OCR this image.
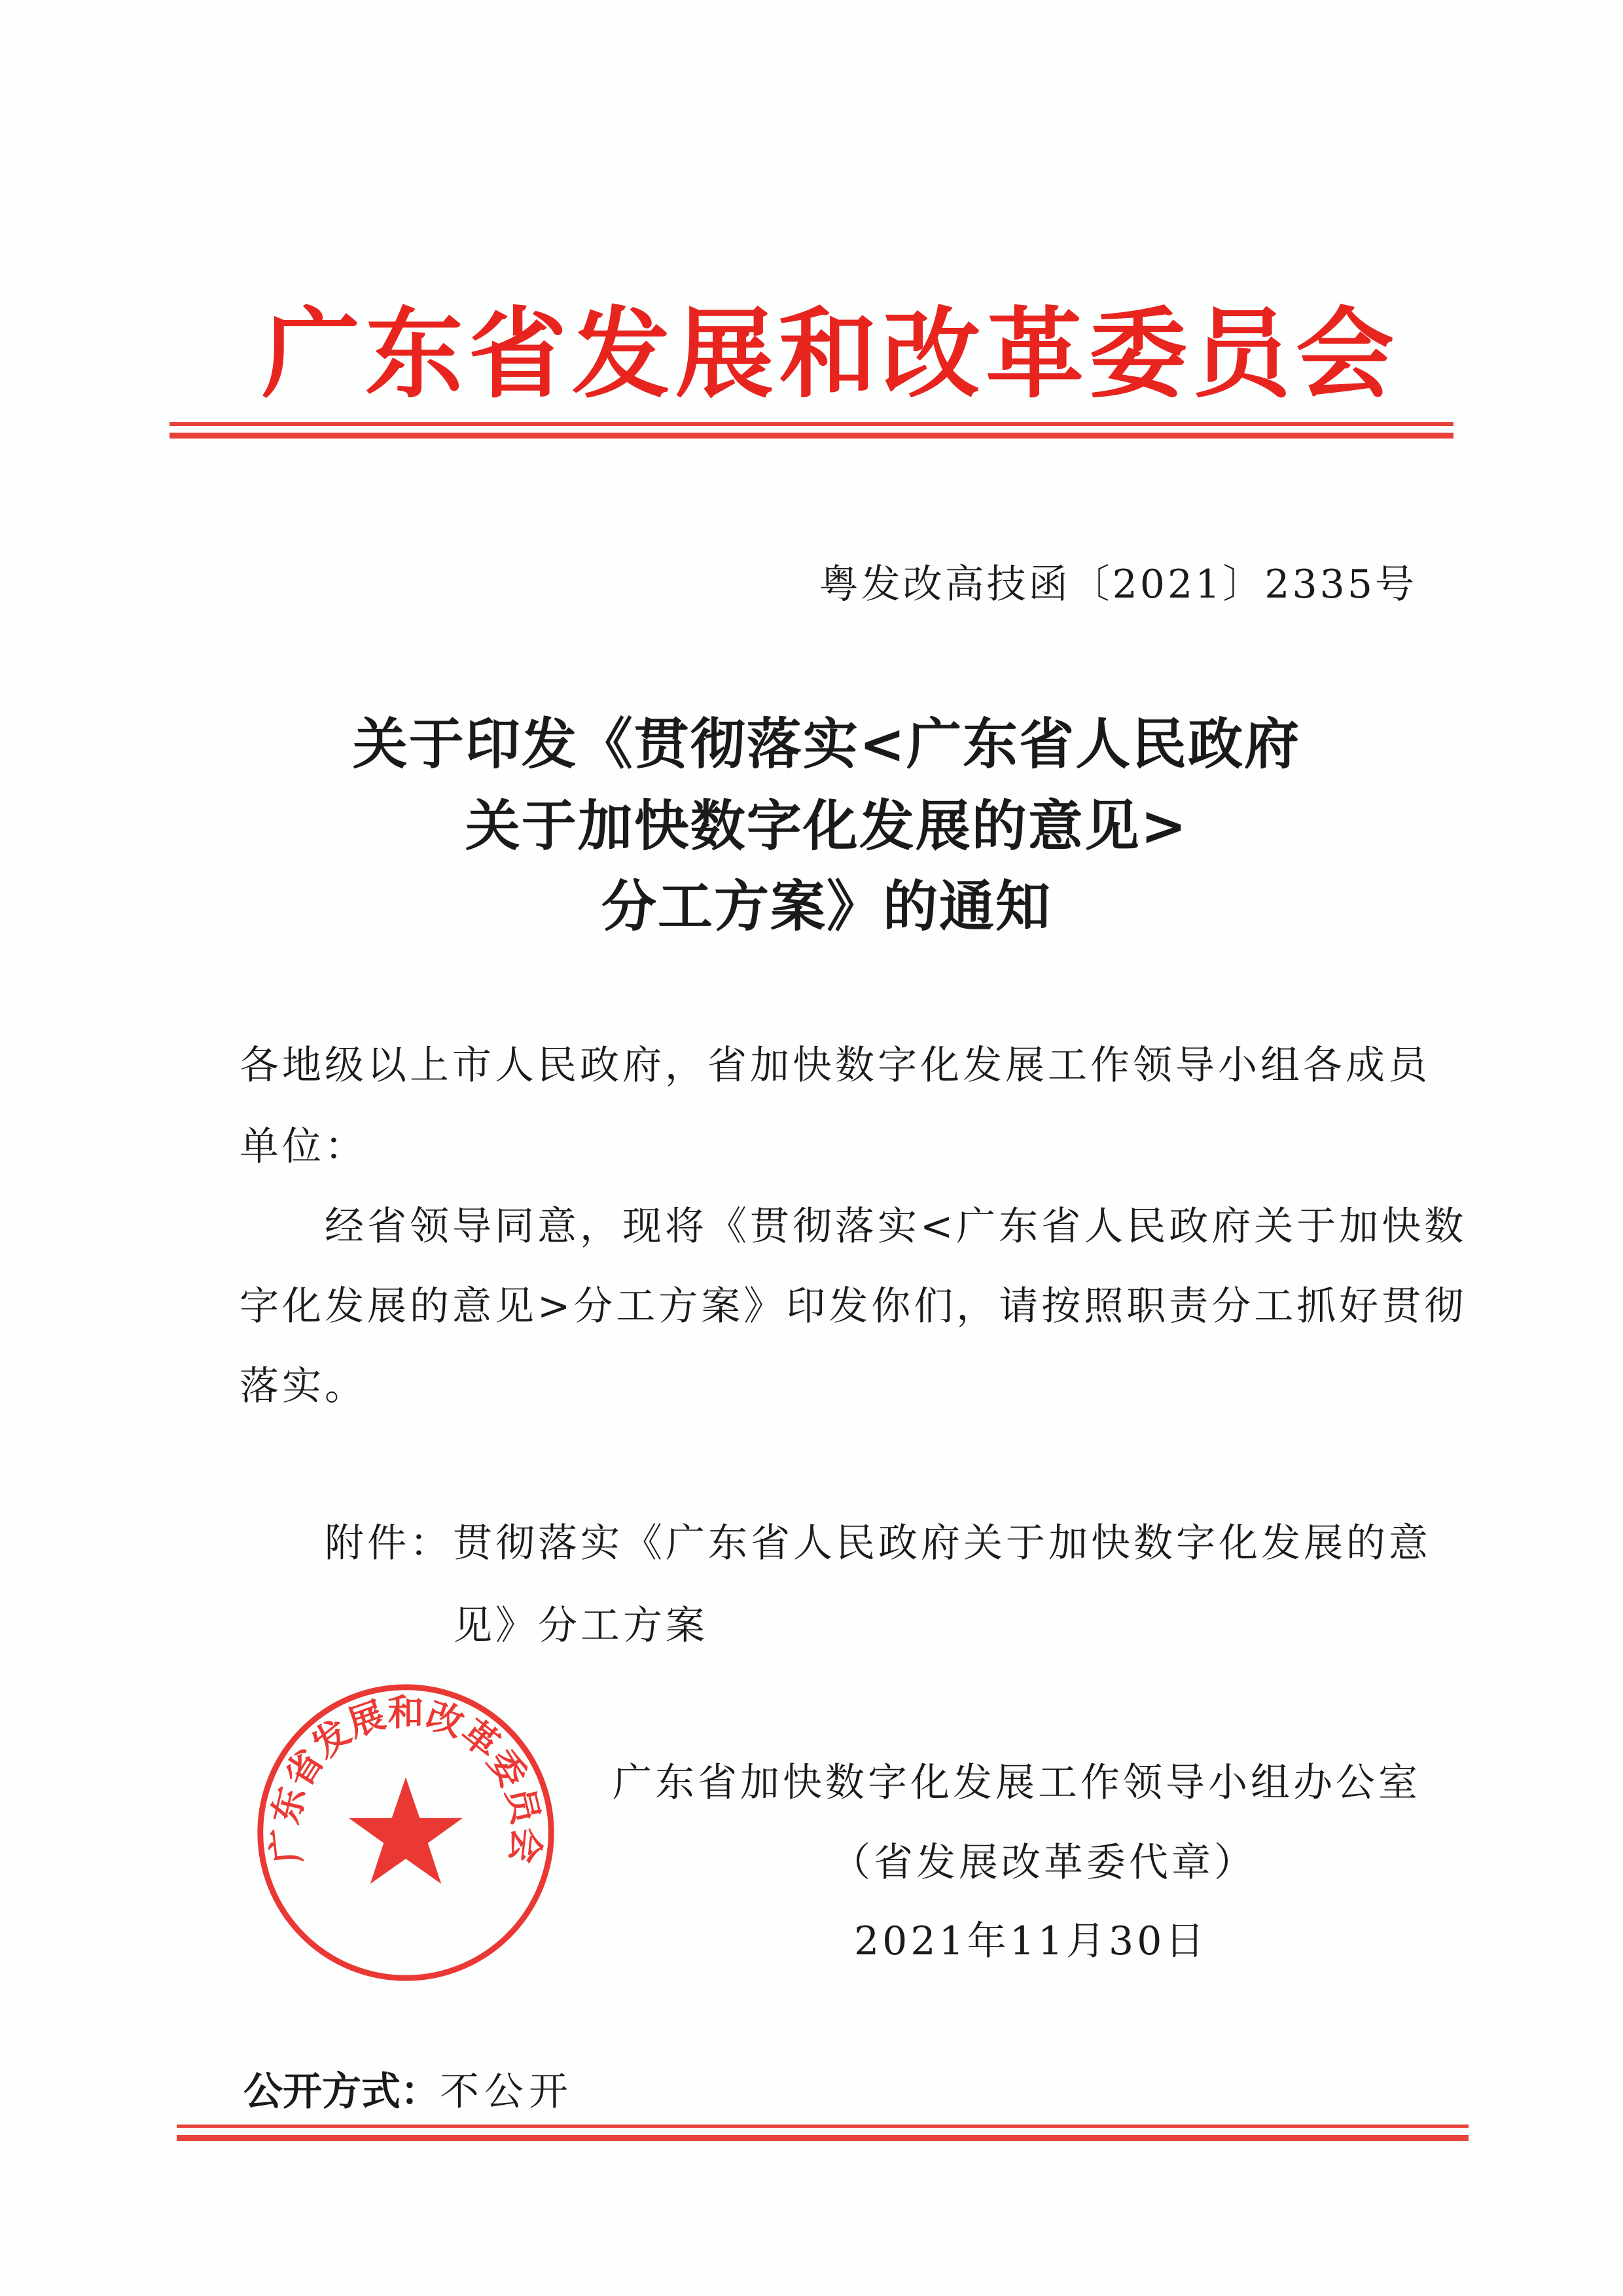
广东省发展和改革委员会
粤发改高技函〔2021〕2335号
关于印发《贯彻落实<广东省人民政府
关于加快数字化发展的意见>
分工方案》的通知
各地级以上市人民政府，省加快数字化发展工作领导小组各成员
单位：
经省领导同意，现将《贯彻落实<广东省人民政府关于加快数
字化发展的意见>分工方案》印发你们，请按照职责分工抓好贯彻
落实。
附件： 贯彻落实《广东省人民政府关于加快数字化发展的意
见》分工方案
广东省加快数字化发展工作领导小组办公室
（省发展改革委代章）
2021年11月30日
广东省发展和改革委员会
公开方式：不公开
